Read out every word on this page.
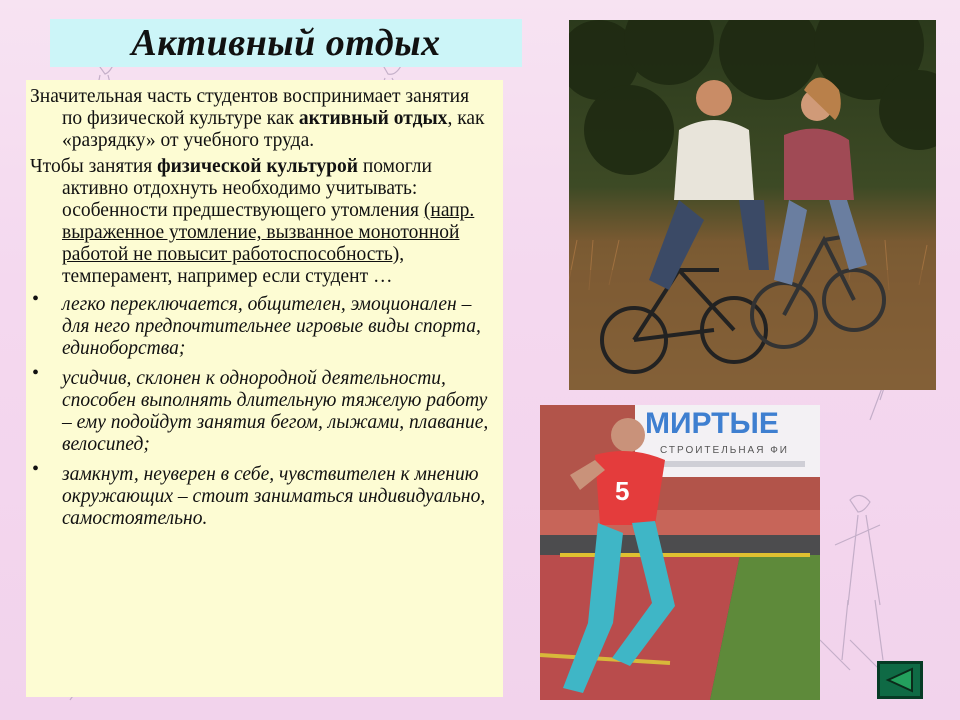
Активный отдых

Значительная часть студентов воспринимает занятия по физической культуре как активный отдых, как «разрядку» от учебного труда.

Чтобы занятия физической культурой помогли активно отдохнуть необходимо учитывать: особенности предшествующего утомления (напр. выраженное утомление, вызванное монотонной работой не повысит работоспособность), темперамент, например если студент …

• легко переключается, общителен, эмоционален – для него предпочтительнее игровые виды спорта, единоборства;
• усидчив, склонен к однородной деятельности, способен выполнять длительную тяжелую работу – ему подойдут занятия бегом, лыжами, плавание, велосипед;
• замкнут, неуверен в себе, чувствителен к мнению окружающих – стоит заниматься индивидуально, самостоятельно.
МИРТЫЕ
СТРОИТЕЛЬНАЯ ФИ
5
